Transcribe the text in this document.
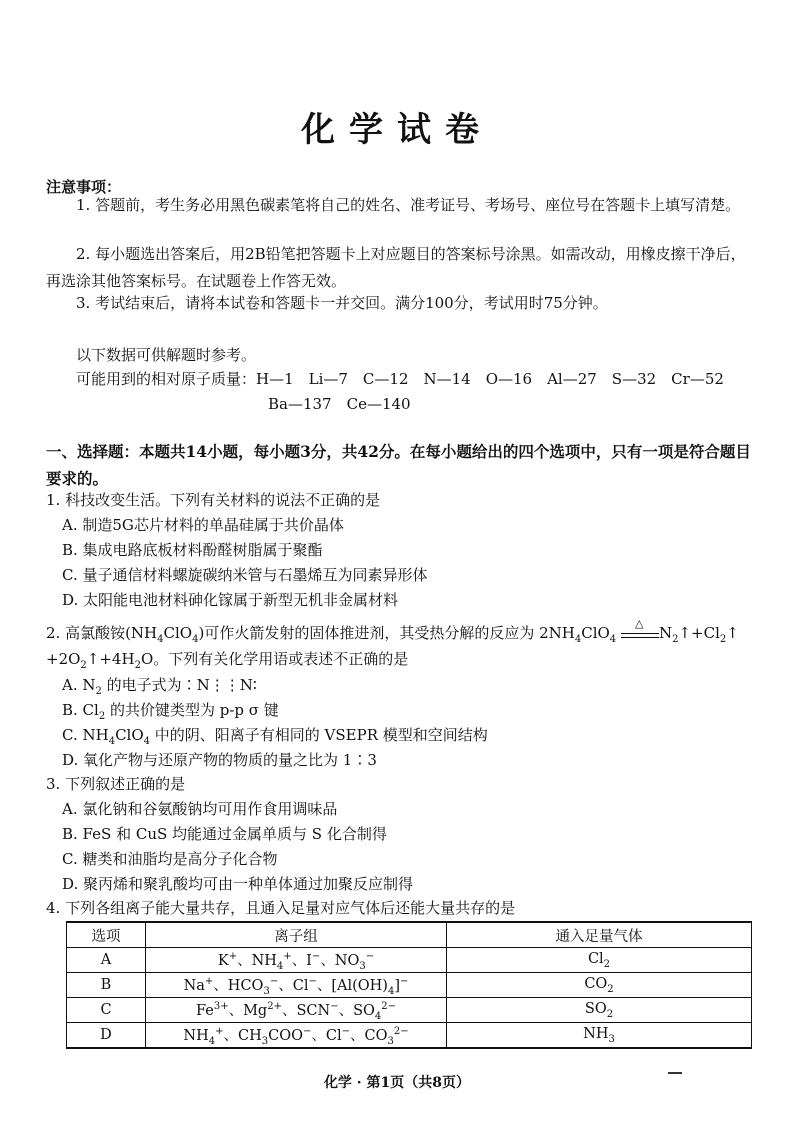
化学试卷
注意事项：
1. 答题前，考生务必用黑色碳素笔将自己的姓名、准考证号、考场号、座位号在答题卡上填写清楚。
2. 每小题选出答案后，用2B铅笔把答题卡上对应题目的答案标号涂黑。如需改动，用橡皮擦干净后，再选涂其他答案标号。在试题卷上作答无效。
3. 考试结束后，请将本试卷和答题卡一并交回。满分100分，考试用时75分钟。
以下数据可供解题时参考。
可能用到的相对原子质量：H—1　Li—7　C—12　N—14　O—16　Al—27　S—32　Cr—52
Ba—137　Ce—140
一、选择题：本题共14小题，每小题3分，共42分。在每小题给出的四个选项中，只有一项是符合题目要求的。
1. 科技改变生活。下列有关材料的说法不正确的是
A. 制造5G芯片材料的单晶硅属于共价晶体
B. 集成电路底板材料酚醛树脂属于聚酯
C. 量子通信材料螺旋碳纳米管与石墨烯互为同素异形体
D. 太阳能电池材料砷化镓属于新型无机非金属材料
2. 高氯酸铵$(NH_4ClO_4)$可作火箭发射的固体推进剂，其受热分解的反应为 $2NH_4ClO_4$
△
$N_2↑+Cl_2↑$
$+2O_2↑+4H_2O$。下列有关化学用语或表述不正确的是
A. $N_2$ 的电子式为∶N⋮⋮N∶
B. $Cl_2$ 的共价键类型为 p-p σ 键
C. $NH_4ClO_4$ 中的阴、阳离子有相同的 VSEPR 模型和空间结构
D. 氧化产物与还原产物的物质的量之比为 1∶3
3. 下列叙述正确的是
A. 氯化钠和谷氨酸钠均可用作食用调味品
B. FeS 和 CuS 均能通过金属单质与 S 化合制得
C. 糖类和油脂均是高分子化合物
D. 聚丙烯和聚乳酸均可由一种单体通过加聚反应制得
4. 下列各组离子能大量共存，且通入足量对应气体后还能大量共存的是
选项	离子组	通入足量气体
A	K+、$NH_4^+$、I−、$NO_3^-$	$Cl_2$
B	Na+、$HCO_3^-$、Cl−、$[Al(OH)_4]^-$	$CO_2$
C	$Fe^{3+}$、$Mg^{2+}$、SCN−、$SO_4^{2-}$	$SO_2$
D	$NH_4^+$、$CH_3COO^-$、Cl−、$CO_3^{2-}$	$NH_3$
化学 · 第1页（共8页）
